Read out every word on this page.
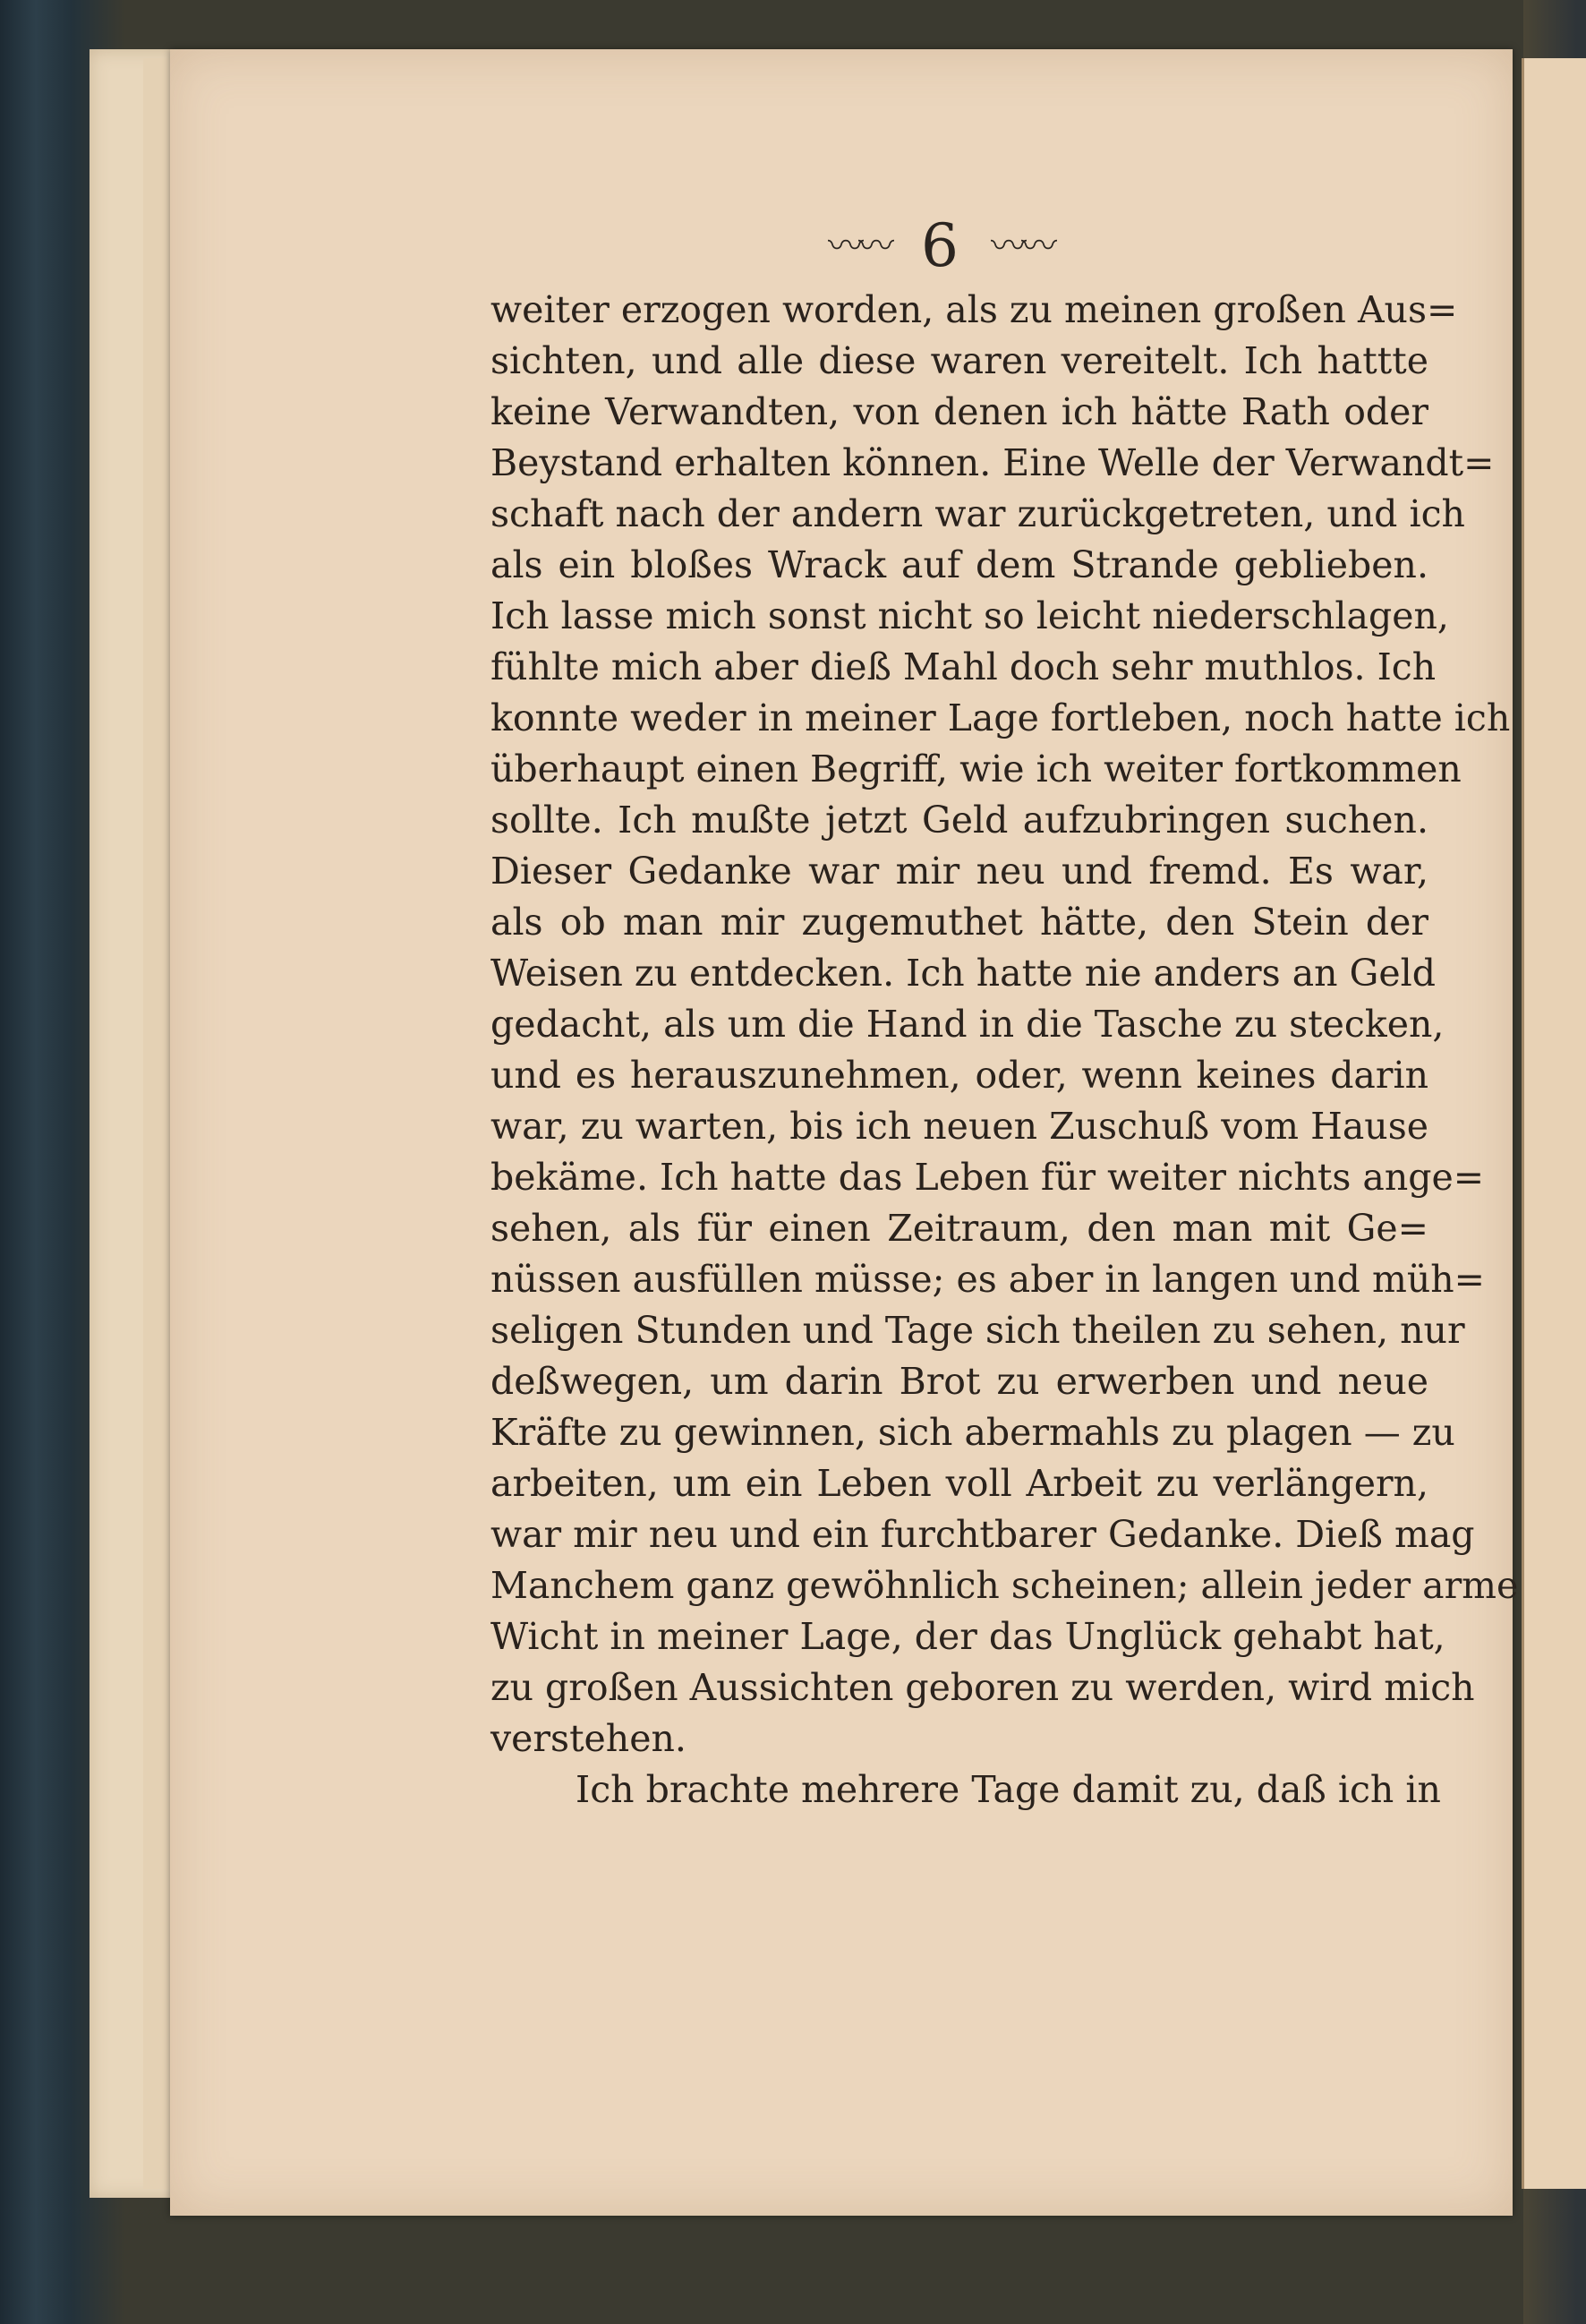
〰〰 6 〰〰
weiter erzogen worden, als zu meinen großen Aus=
sichten, und alle diese waren vereitelt. Ich hattte
keine Verwandten, von denen ich hätte Rath oder
Beystand erhalten können. Eine Welle der Verwandt=
schaft nach der andern war zurückgetreten, und ich
als ein bloßes Wrack auf dem Strande geblieben.
Ich lasse mich sonst nicht so leicht niederschlagen,
fühlte mich aber dieß Mahl doch sehr muthlos. Ich
konnte weder in meiner Lage fortleben, noch hatte ich
überhaupt einen Begriff, wie ich weiter fortkommen
sollte. Ich mußte jetzt Geld aufzubringen suchen.
Dieser Gedanke war mir neu und fremd. Es war,
als ob man mir zugemuthet hätte, den Stein der
Weisen zu entdecken. Ich hatte nie anders an Geld
gedacht, als um die Hand in die Tasche zu stecken,
und es herauszunehmen, oder, wenn keines darin
war, zu warten, bis ich neuen Zuschuß vom Hause
bekäme. Ich hatte das Leben für weiter nichts ange=
sehen, als für einen Zeitraum, den man mit Ge=
nüssen ausfüllen müsse; es aber in langen und müh=
seligen Stunden und Tage sich theilen zu sehen, nur
deßwegen, um darin Brot zu erwerben und neue
Kräfte zu gewinnen, sich abermahls zu plagen — zu
arbeiten, um ein Leben voll Arbeit zu verlängern,
war mir neu und ein furchtbarer Gedanke. Dieß mag
Manchem ganz gewöhnlich scheinen; allein jeder arme
Wicht in meiner Lage, der das Unglück gehabt hat,
zu großen Aussichten geboren zu werden, wird mich
verstehen.
Ich brachte mehrere Tage damit zu, daß ich in
